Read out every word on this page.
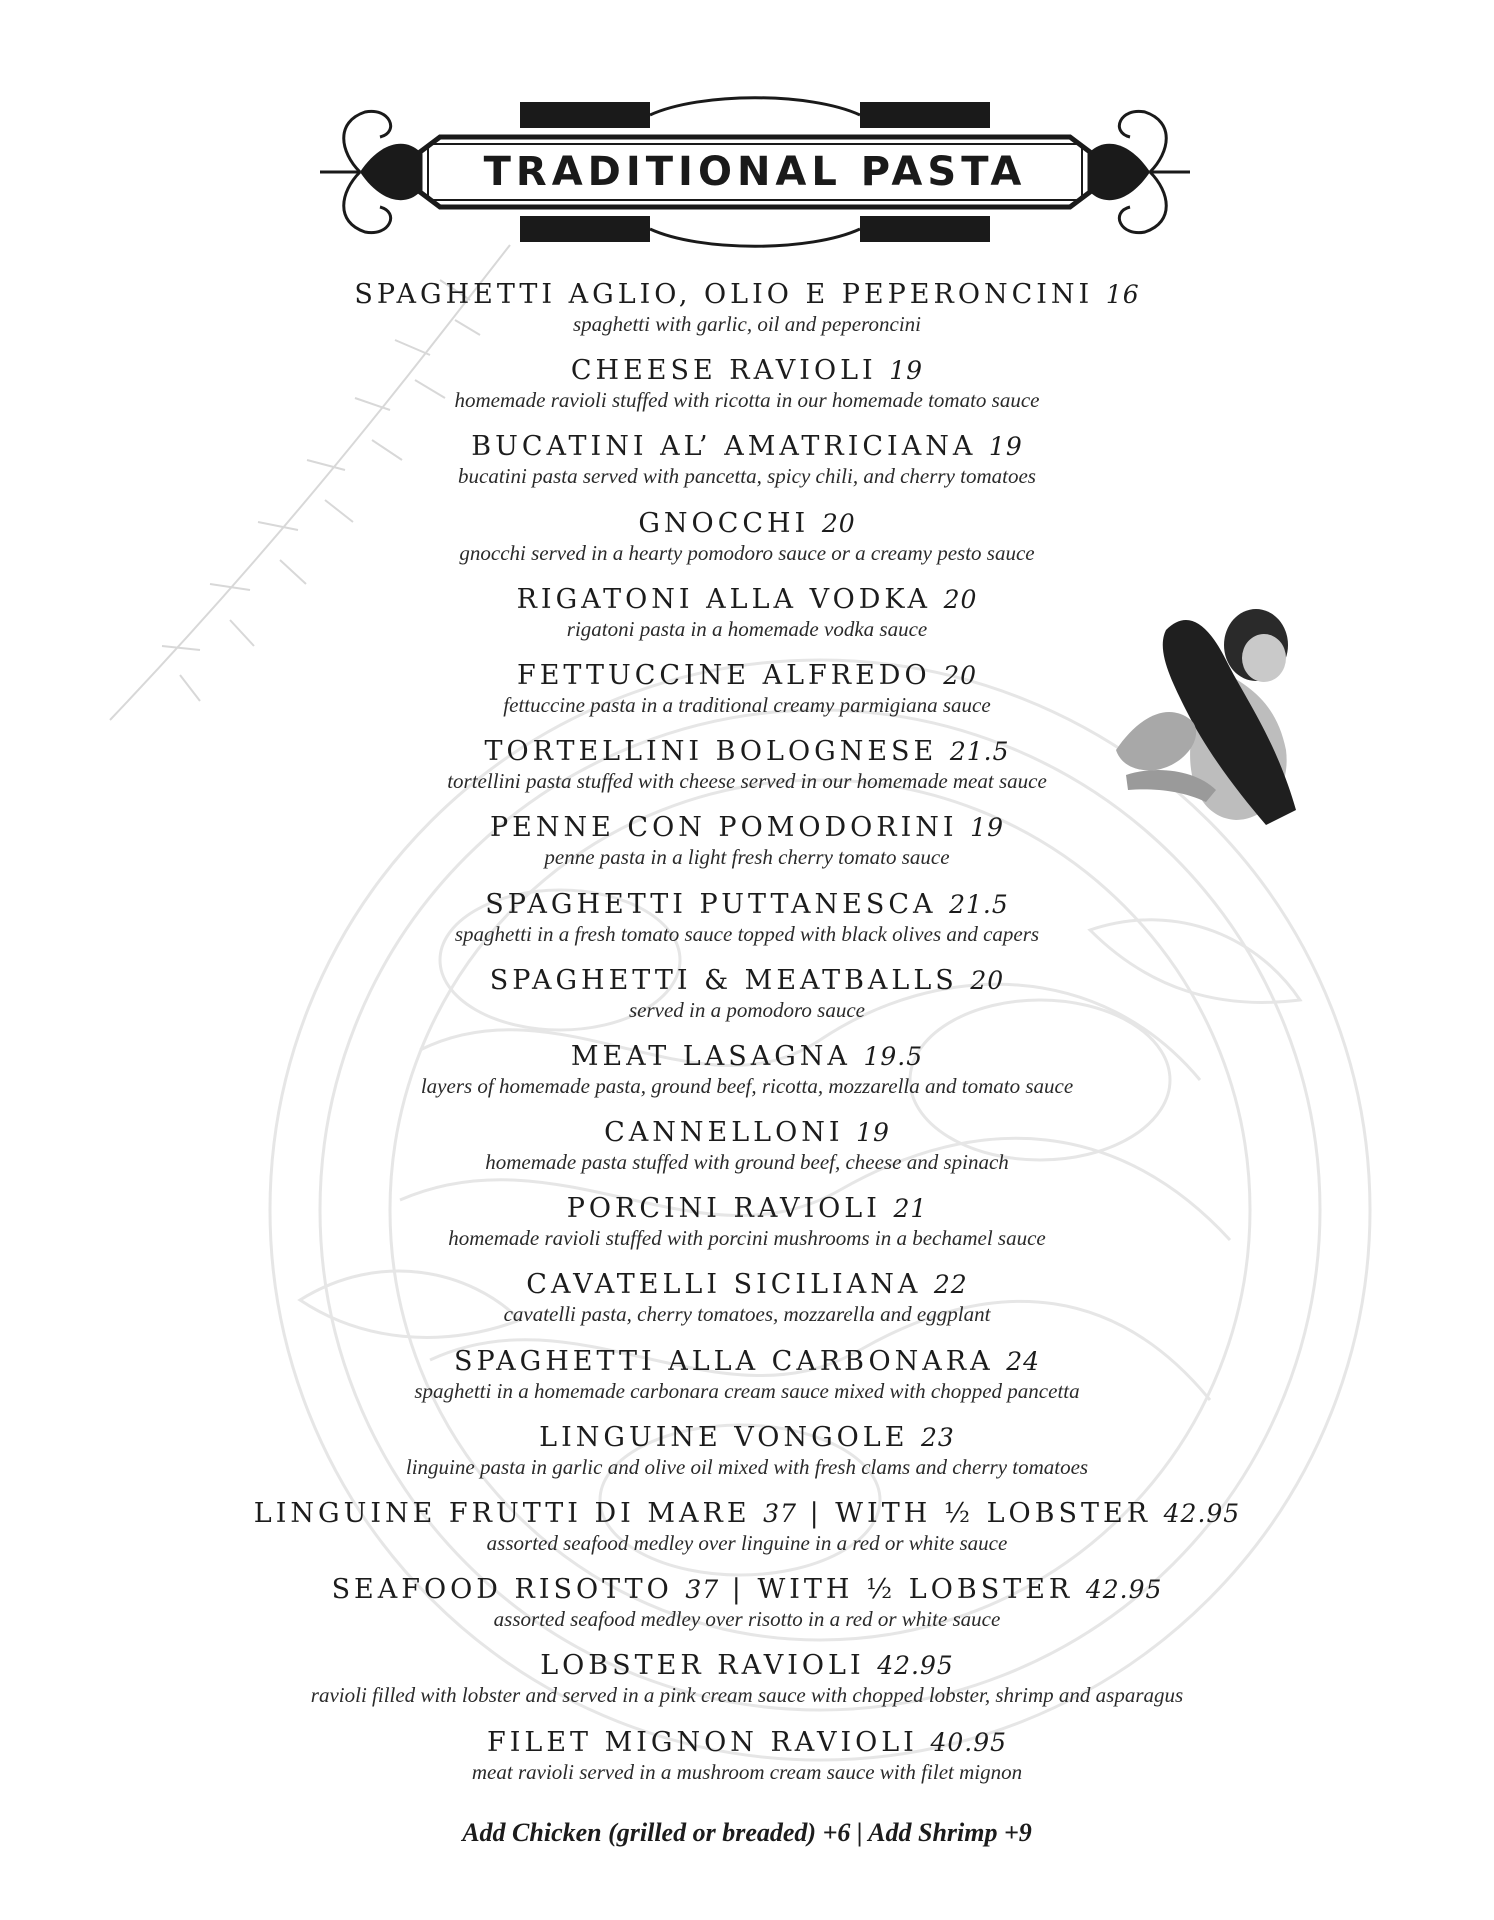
TRADITIONAL PASTA
SPAGHETTI AGLIO, OLIO E PEPERONCINI 16
spaghetti with garlic, oil and peperoncini
CHEESE RAVIOLI 19
homemade ravioli stuffed with ricotta in our homemade tomato sauce
BUCATINI AL’ AMATRICIANA 19
bucatini pasta served with pancetta, spicy chili, and cherry tomatoes
GNOCCHI 20
gnocchi served in a hearty pomodoro sauce or a creamy pesto sauce
RIGATONI ALLA VODKA 20
rigatoni pasta in a homemade vodka sauce
FETTUCCINE ALFREDO 20
fettuccine pasta in a traditional creamy parmigiana sauce
TORTELLINI BOLOGNESE 21.5
tortellini pasta stuffed with cheese served in our homemade meat sauce
PENNE CON POMODORINI 19
penne pasta in a light fresh cherry tomato sauce
SPAGHETTI PUTTANESCA 21.5
spaghetti in a fresh tomato sauce topped with black olives and capers
SPAGHETTI & MEATBALLS 20
served in a pomodoro sauce
MEAT LASAGNA 19.5
layers of homemade pasta, ground beef, ricotta, mozzarella and tomato sauce
CANNELLONI 19
homemade pasta stuffed with ground beef, cheese and spinach
PORCINI RAVIOLI 21
homemade ravioli stuffed with porcini mushrooms in a bechamel sauce
CAVATELLI SICILIANA 22
cavatelli pasta, cherry tomatoes, mozzarella and eggplant
SPAGHETTI ALLA CARBONARA 24
spaghetti in a homemade carbonara cream sauce mixed with chopped pancetta
LINGUINE VONGOLE 23
linguine pasta in garlic and olive oil mixed with fresh clams and cherry tomatoes
LINGUINE FRUTTI DI MARE 37 | WITH ½ LOBSTER 42.95
assorted seafood medley over linguine in a red or white sauce
SEAFOOD RISOTTO 37 | WITH ½ LOBSTER 42.95
assorted seafood medley over risotto in a red or white sauce
LOBSTER RAVIOLI 42.95
ravioli filled with lobster and served in a pink cream sauce with chopped lobster, shrimp and asparagus
FILET MIGNON RAVIOLI 40.95
meat ravioli served in a mushroom cream sauce with filet mignon
Add Chicken (grilled or breaded) +6 | Add Shrimp +9
